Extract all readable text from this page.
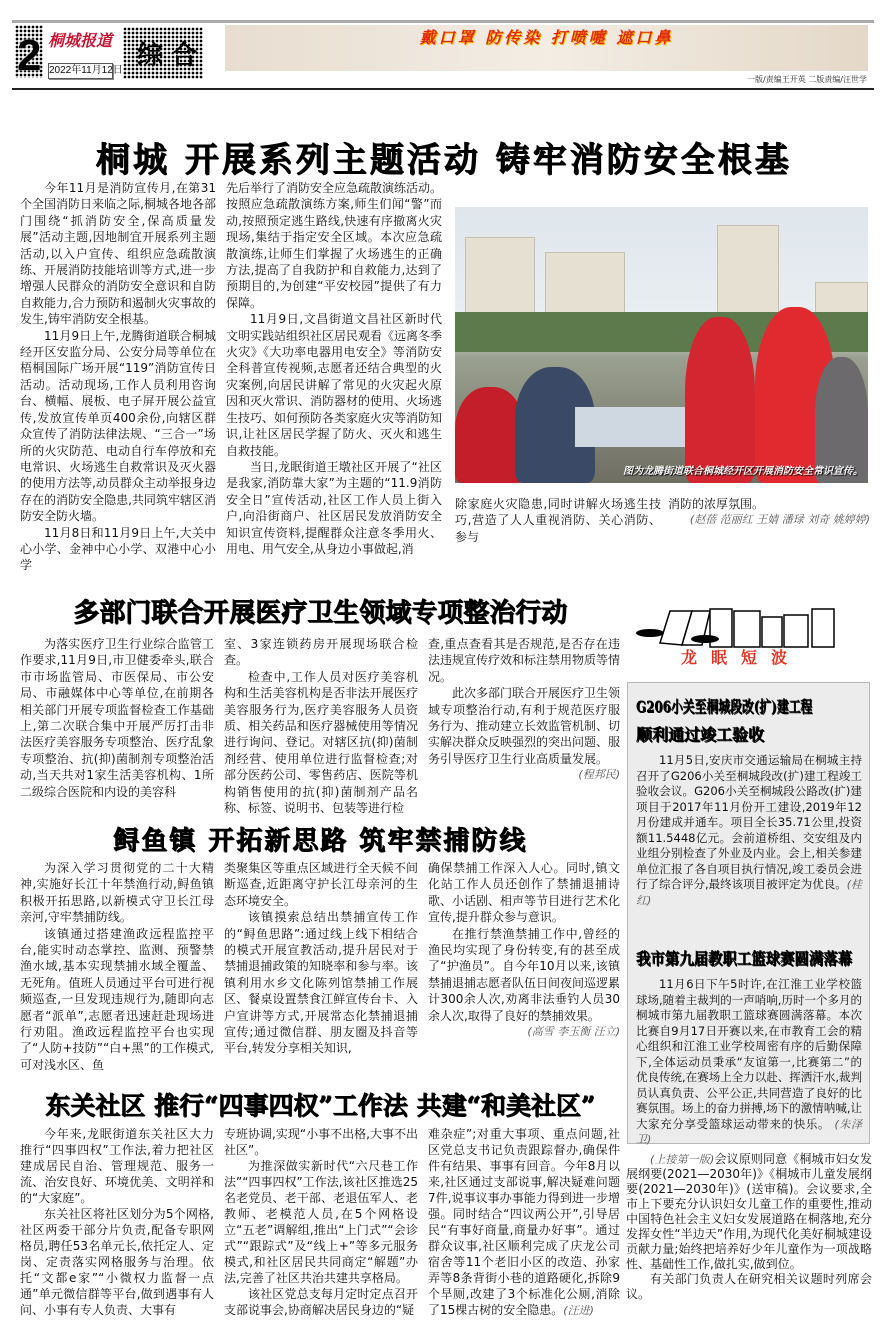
2 桐城报道
2022年11月12日 综合
戴口罩 防传染 打喷嚏 遮口鼻
一版/责编王开英 二版责编/汪世学
桐城 开展系列主题活动 铸牢消防安全根基

今年11月是消防宣传月,在第31个全国消防日来临之际,桐城各地各部门围绕“抓消防安全,保高质量发展”活动主题,因地制宜开展系列主题活动,以入户宣传、组织应急疏散演练、开展消防技能培训等方式,进一步增强人民群众的消防安全意识和自防自救能力,合力预防和遏制火灾事故的发生,铸牢消防安全根基。

11月9日上午,龙腾街道联合桐城经开区安监分局、公安分局等单位在梧桐国际广场开展“119”消防宣传日活动。活动现场,工作人员利用咨询台、横幅、展板、电子屏开展公益宣传,发放宣传单页400余份,向辖区群众宣传了消防法律法规、“三合一”场所的火灾防范、电动自行车停放和充电常识、火场逃生自救常识及灭火器的使用方法等,动员群众主动举报身边存在的消防安全隐患,共同筑牢辖区消防安全防火墙。

11月8日和11月9日上午,大关中心小学、金神中心小学、双港中心小学

先后举行了消防安全应急疏散演练活动。按照应急疏散演练方案,师生们闻“警”而动,按照预定逃生路线,快速有序撤离火灾现场,集结于指定安全区域。本次应急疏散演练,让师生们掌握了火场逃生的正确方法,提高了自我防护和自救能力,达到了预期目的,为创建“平安校园”提供了有力保障。

11月9日,文昌街道文昌社区新时代文明实践站组织社区居民观看《远离冬季火灾》《大功率电器用电安全》等消防安全科普宣传视频,志愿者还结合典型的火灾案例,向居民讲解了常见的火灾起火原因和灭火常识、消防器材的使用、火场逃生技巧、如何预防各类家庭火灾等消防知识,让社区居民学握了防火、灭火和逃生自救技能。

当日,龙眠街道王墩社区开展了“社区是我家,消防靠大家”为主题的“11.9消防安全日”宣传活动,社区工作人员上街入户,向沿街商户、社区居民发放消防安全知识宣传资料,提醒群众注意冬季用火、用电、用气安全,从身边小事做起,消

图为龙腾街道联合桐城经开区开展消防安全常识宣传。

除家庭火灾隐患,同时讲解火场逃生技巧,营造了人人重视消防、关心消防、参与

消防的浓厚氛围。

(赵蓓 范丽红 王婧 潘琭 刘奇 姚婷婷)
多部门联合开展医疗卫生领域专项整治行动

为落实医疗卫生行业综合监管工作要求,11月9日,市卫健委牵头,联合市市场监管局、市医保局、市公安局、市融媒体中心等单位,在前期各相关部门开展专项监督检查工作基础上,第二次联合集中开展严厉打击非法医疗美容服务专项整治、医疗乱象专项整治、抗(抑)菌制剂专项整治活动,当天共对1家生活美容机构、1所二级综合医院和内设的美容科

室、3家连锁药房开展现场联合检查。

检查中,工作人员对医疗美容机构和生活美容机构是否非法开展医疗美容服务行为,医疗美容服务人员资质、相关药品和医疗器械使用等情况进行询问、登记。对辖区抗(抑)菌制剂经营、使用单位进行监督检查;对部分医药公司、零售药店、医院等机构销售使用的抗(抑)菌制剂产品名称、标签、说明书、包装等进行检

查,重点查看其是否规范,是否存在违法违规宣传疗效和标注禁用物质等情况。

此次多部门联合开展医疗卫生领域专项整治行动,有利于规范医疗服务行为、推动建立长效监管机制、切实解决群众反映强烈的突出问题、服务引导医疗卫生行业高质量发展。

(程邦民)
龙眠短波
G206小关至桐城段改(扩)建工程
顺利通过竣工验收

11月5日,安庆市交通运输局在桐城主持召开了G206小关至桐城段改(扩)建工程竣工验收会议。G206小关至桐城段公路改(扩)建项目于2017年11月份开工建设,2019年12月份建成并通车。项目全长35.71公里,投资额11.5448亿元。会前道桥组、交安组及内业组分别检查了外业及内业。会上,相关参建单位汇报了各自项目执行情况,竣工委员会进行了综合评分,最终该项目被评定为优良。(桂红)

我市第九届教职工篮球赛圆满落幕

11月6日下午5时许,在江淮工业学校篮球场,随着主裁判的一声哨响,历时一个多月的桐城市第九届教职工篮球赛圆满落幕。本次比赛自9月17日开赛以来,在市教育工会的精心组织和江淮工业学校周密有序的后勤保障下,全体运动员秉承“友谊第一,比赛第二”的优良传统,在赛场上全力以赴、挥洒汗水,裁判员认真负责、公平公正,共同营造了良好的比赛氛围。场上的奋力拼搏,场下的激情呐喊,让大家充分享受篮球运动带来的快乐。 (朱泽卫)

鲟鱼镇 开拓新思路 筑牢禁捕防线

为深入学习贯彻党的二十大精神,实施好长江十年禁渔行动,鲟鱼镇积极开拓思路,以新模式守卫长江母亲河,守牢禁捕防线。

该镇通过搭建渔政远程监控平台,能实时动态掌控、监测、预警禁渔水域,基本实现禁捕水域全覆盖、无死角。值班人员通过平台可进行视频巡查,一旦发现违规行为,随即向志愿者“派单”,志愿者迅速赶赴现场进行劝阻。渔政远程监控平台也实现了“人防+技防”“白+黑”的工作模式,可对浅水区、鱼

类聚集区等重点区域进行全天候不间断巡查,近距离守护长江母亲河的生态环境安全。

该镇摸索总结出禁捕宣传工作的“鲟鱼思路”:通过线上线下相结合的模式开展宣教活动,提升居民对于禁捕退捕政策的知晓率和参与率。该镇利用水乡文化陈列馆禁捕工作展区、餐桌设置禁食江鲜宣传台卡、入户宣讲等方式,开展常态化禁捕退捕宣传;通过微信群、朋友圈及抖音等平台,转发分享相关知识,

确保禁捕工作深入人心。同时,镇文化站工作人员还创作了禁捕退捕诗歌、小话剧、相声等节目进行艺术化宣传,提升群众参与意识。

在推行禁渔禁捕工作中,曾经的渔民均实现了身份转变,有的甚至成了“护渔员”。自今年10月以来,该镇禁捕退捕志愿者队伍日间夜间巡逻累计300余人次,劝离非法垂钓人员30余人次,取得了良好的禁捕效果。

(高雪 李玉衡 汪立)
东关社区 推行“四事四权”工作法 共建“和美社区”

今年来,龙眠街道东关社区大力推行“四事四权”工作法,着力把社区建成居民自治、管理规范、服务一流、治安良好、环境优美、文明祥和的“大家庭”。

东关社区将社区划分为5个网格,社区两委干部分片负责,配备专职网格员,聘任53名单元长,依托定人、定岗、定责落实网格服务与治理。依托“文都e家”“小微权力监督一点通”单元微信群等平台,做到遇事有人问、小事有专人负责、大事有

专班协调,实现“小事不出格,大事不出社区”。

为推深做实新时代“六尺巷工作法”“四事四权”工作法,该社区推选25名老党员、老干部、老退伍军人、老教师、老模范人员,在5个网格设立“五老”调解组,推出“上门式”“会诊式”“跟踪式”及“线上+”等多元服务模式,和社区居民共同商定“解题”办法,完善了社区共治共建共享格局。

该社区党总支每月定时定点召开支部说事会,协商解决居民身边的“疑

难杂症”;对重大事项、重点问题,社区党总支书记负责跟踪督办,确保件件有结果、事事有回音。今年8月以来,社区通过支部说事,解决疑难问题7件,说事议事办事能力得到进一步增强。同时结合“四议两公开”,引导居民“有事好商量,商量办好事”。通过群众议事,社区顺利完成了庆龙公司宿舍等11个老旧小区的改造、孙家弄等8条背街小巷的道路硬化,拆除9个旱厕,改建了3个标准化公厕,消除了15棵古树的安全隐患。(汪进)

(上接第一版)会议原则同意《桐城市妇女发展纲要(2021—2030年)》《桐城市儿童发展纲要(2021—2030年)》(送审稿)。会议要求,全市上下要充分认识妇女儿童工作的重要性,推动中国特色社会主义妇女发展道路在桐落地,充分发挥女性“半边天”作用,为现代化美好桐城建设贡献力量;始终把培养好少年儿童作为一项战略性、基础性工作,做扎实,做到位。

有关部门负责人在研究相关议题时列席会议。
